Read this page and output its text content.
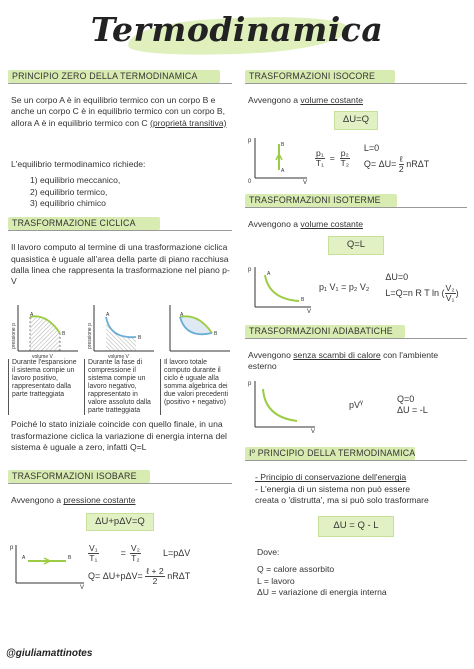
Termodinamica
PRINCIPIO ZERO DELLA TERMODINAMICA

Se un corpo A è in equilibrio termico con un corpo B e anche un corpo C è in equilibrio termico con un corpo B, allora A è in equilibrio termico con C (proprietà transitiva)

L'equilibrio termodinamico richiede:

1) equilibrio meccanico,
2) equilibrio termico,
3) equilibrio chimico
TRASFORMAZIONE CICLICA

Il lavoro computo al termine di una trasformazione ciclica quasistica è uguale all'area della parte di piano racchiusa dalla linea che rappresenta la trasformazione nel piano p-V

A
B
pressione p
volume V
Durante l'espansione il sistema compie un lavoro positivo, rappresentato dalla parte tratteggiata
A
B
pressione p
volume V
Durante la fase di compressione il sistema compie un lavoro negativo, rappresentato in valore assoluto dalla parte tratteggiata
A
B
Il lavoro totale computo durante il ciclo è uguale alla somma algebrica dei due valori precedenti (positivo + negativo)

Poiché lo stato iniziale coincide con quello finale, in una trasformazione ciclica la variazione di energia interna del sistema è uguale a zero, infatti Q=L

TRASFORMAZIONI ISOBARE

Avvengono a pressione costante

ΔU+pΔV=Q
p
V
A	B $\frac{\text{V₁}}{\text{T₁}} = \frac{\text{V₂}}{\text{T₂}} L=p\Delta V$
$Q= \Delta U+p\Delta V= \frac{\text{ℓ + 2}}{2}$ nRΔT
TRASFORMAZIONI ISOCORE

Avvengono a volume costante

ΔU=Q
p
V
0
B
A
$\frac{\text{p₁}}{\text{T₁}} = \frac{\text{p₂}}{\text{T₂}}$
L=0
$Q= \Delta U= \frac{\text{ℓ}}{2}$ nRΔT
TRASFORMAZIONI ISOTERME

Avvengono a volume costante

Q=L
p
V
A
B
p₁ V₁ = p₂ V₂
ΔU=0
L=Q=n R T ln ( $\frac{\text{V₂}}{\text{V₁}}$ )
TRASFORMAZIONI ADIABATICHE

Avvengono senza scambi di calore con l'ambiente esterno

p
V
$pV^\gamma$	Q=0
ΔU = -L
Iº PRINCIPIO DELLA TERMODINAMICA
- Principio di conservazione dell'energia
- L'energia di un sistema non può essere creata o 'distrutta', ma si può solo trasformare
ΔU = Q - L
Dove:
Q = calore assorbito
L = lavoro
ΔU = variazione di energia interna
@giuliamattinotes
